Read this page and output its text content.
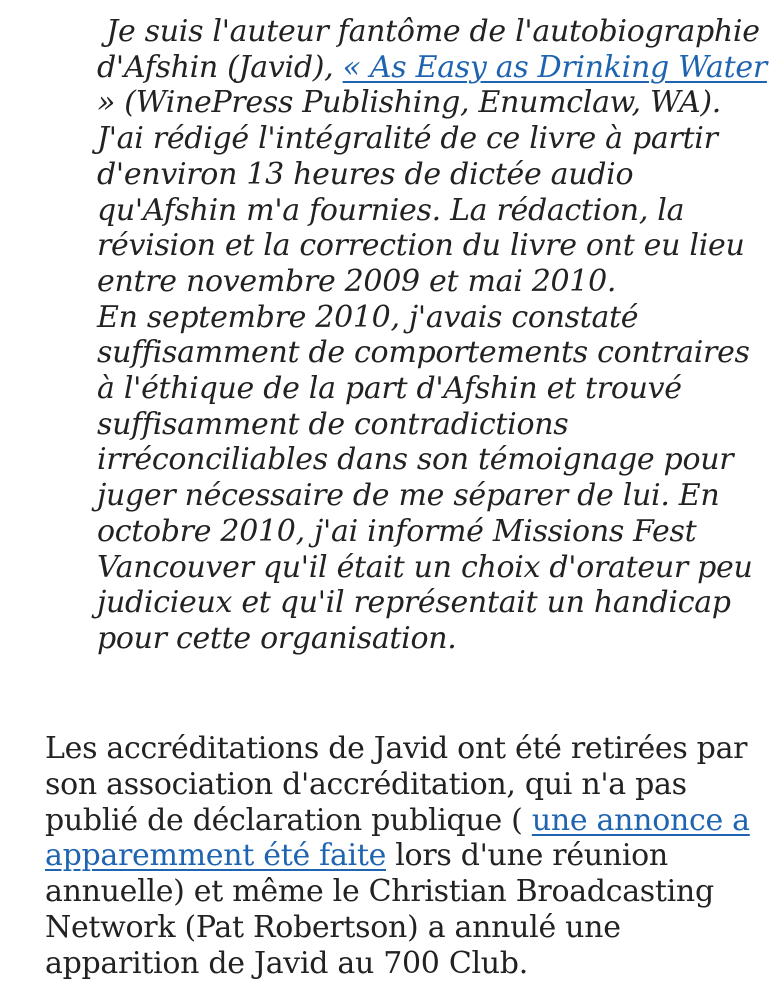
Je suis l'auteur fantôme de l'autobiographie d'Afshin (Javid), « As Easy as Drinking Water » (WinePress Publishing, Enumclaw, WA). J'ai rédigé l'intégralité de ce livre à partir d'environ 13 heures de dictée audio qu'Afshin m'a fournies. La rédaction, la révision et la correction du livre ont eu lieu entre novembre 2009 et mai 2010.

En septembre 2010, j'avais constaté suffisamment de comportements contraires à l'éthique de la part d'Afshin et trouvé suffisamment de contradictions irréconciliables dans son témoignage pour juger nécessaire de me séparer de lui. En octobre 2010, j'ai informé Missions Fest Vancouver qu'il était un choix d'orateur peu judicieux et qu'il représentait un handicap pour cette organisation.

Les accréditations de Javid ont été retirées par son association d'accréditation, qui n'a pas publié de déclaration publique ( une annonce a apparemment été faite lors d'une réunion annuelle) et même le Christian Broadcasting Network (Pat Robertson) a annulé une apparition de Javid au 700 Club.
